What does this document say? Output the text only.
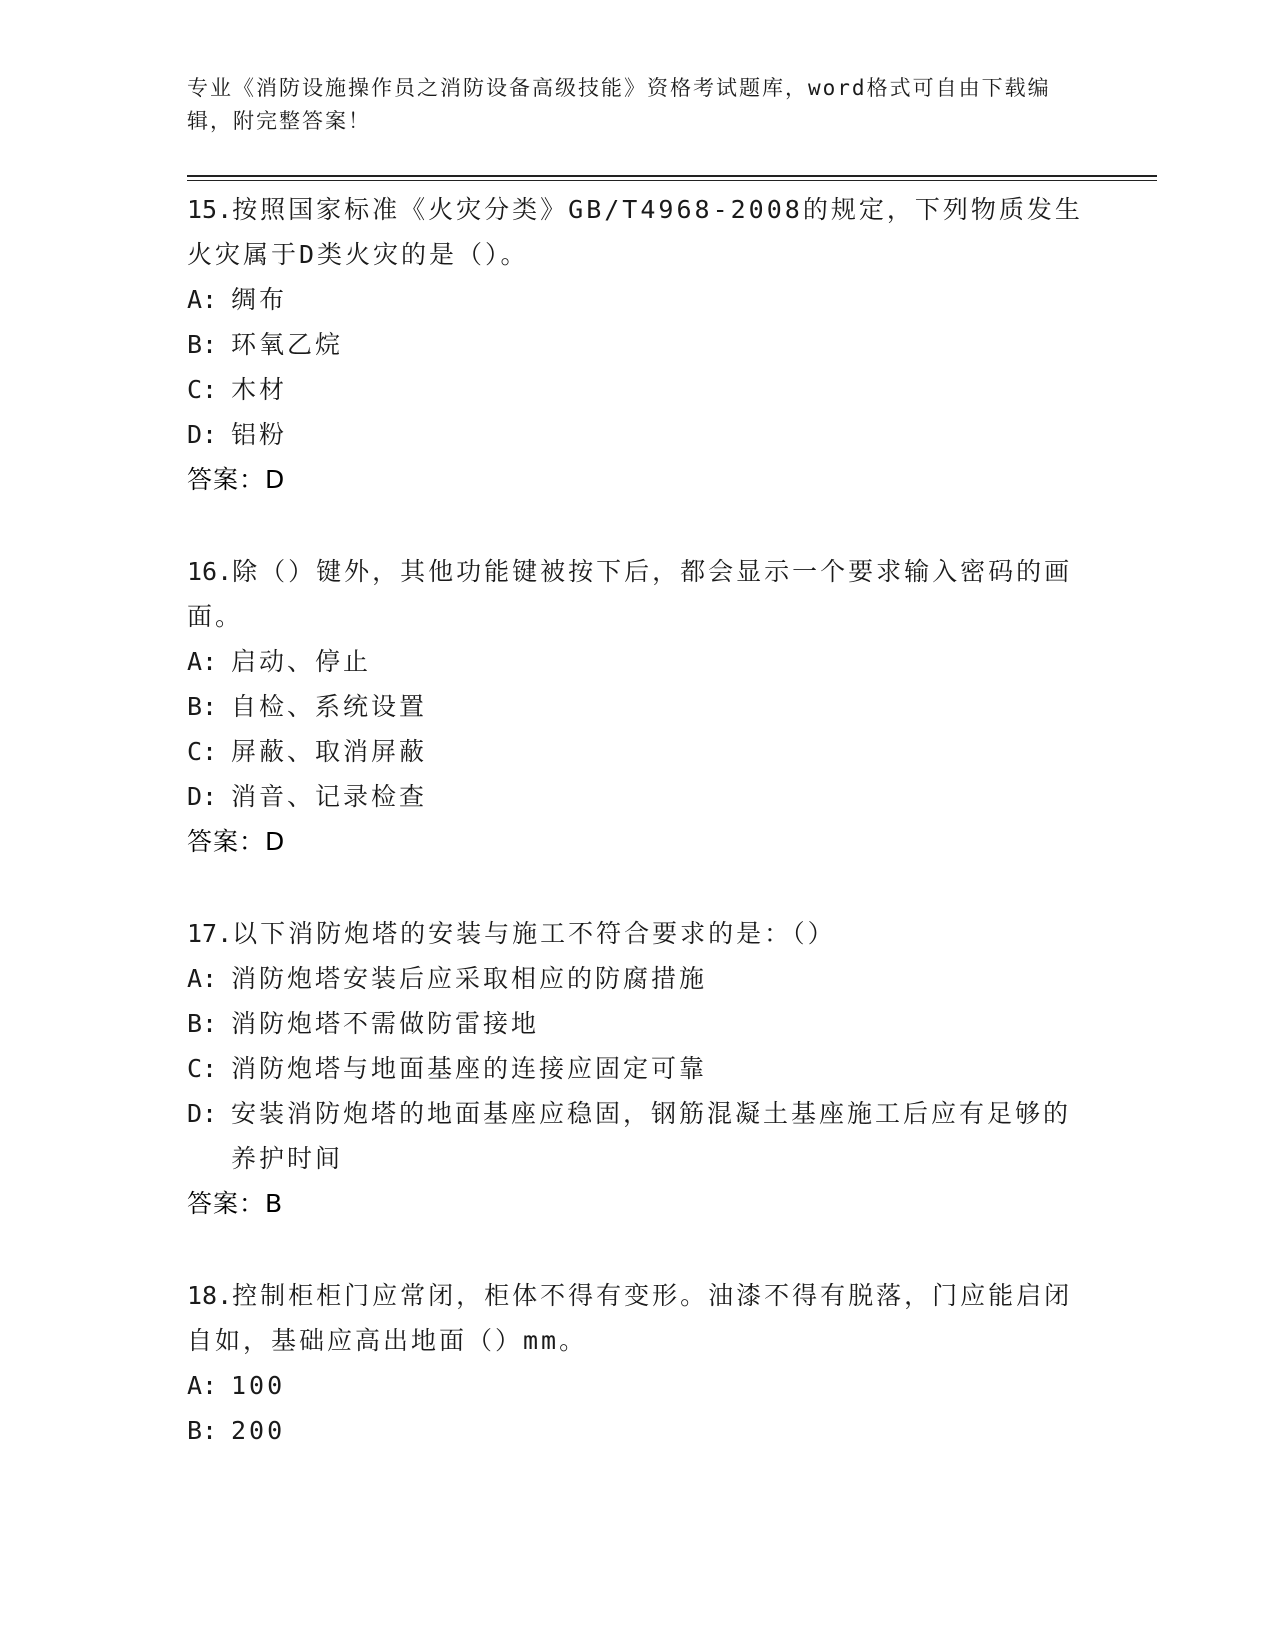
专业《消防设施操作员之消防设备高级技能》资格考试题库，word格式可自由下载编辑，附完整答案！
15.按照国家标准《火灾分类》GB/T4968-2008的规定，下列物质发生火灾属于D类火灾的是（）。
A: 绸布
B: 环氧乙烷
C: 木材
D: 铝粉
答案：D
16.除（）键外，其他功能键被按下后，都会显示一个要求输入密码的画面。
A: 启动、停止
B: 自检、系统设置
C: 屏蔽、取消屏蔽
D: 消音、记录检查
答案：D
17.以下消防炮塔的安装与施工不符合要求的是：（）
A: 消防炮塔安装后应采取相应的防腐措施
B: 消防炮塔不需做防雷接地
C: 消防炮塔与地面基座的连接应固定可靠
D: 安装消防炮塔的地面基座应稳固，钢筋混凝土基座施工后应有足够的养护时间
答案：B
18.控制柜柜门应常闭，柜体不得有变形。油漆不得有脱落，门应能启闭自如，基础应高出地面（）mm。
A: 100
B: 200
